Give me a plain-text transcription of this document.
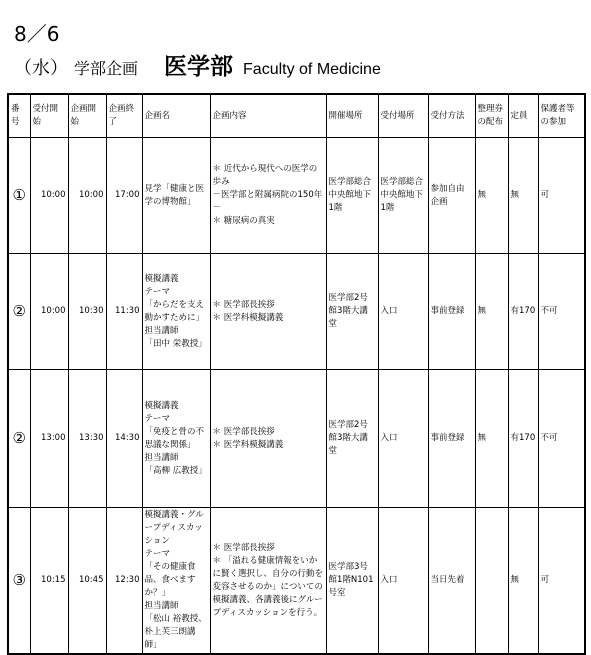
8／6
（水） 学部企画 医学部 Faculty of Medicine
番号	受付開始	企画開始	企画終了	企画名	企画内容	開催場所	受付場所	受付方法	整理券の配布	定員	保護者等の参加
①	10:00	10:00	17:00	見学「健康と医学の博物館」	＊ 近代から現代への医学の歩み
－医学部と附属病院の150年－
＊ 糖尿病の真実	医学部総合中央館地下1階	医学部総合中央館地下1階	参加自由企画	無	無	可
②	10:00	10:30	11:30	模擬講義
テーマ
「からだを支え動かすために」
担当講師
「田中 栄教授」	＊ 医学部長挨拶
＊ 医学科模擬講義	医学部2号館3階大講堂	入口	事前登録	無	有170	不可
②	13:00	13:30	14:30	模擬講義
テーマ
「免疫と骨の不思議な関係」
担当講師
「高柳 広教授」	＊ 医学部長挨拶
＊ 医学科模擬講義	医学部2号館3階大講堂	入口	事前登録	無	有170	不可
③	10:15	10:45	12:30	模擬講義・グループディスカッション
テーマ
「その健康食品、食べますか？」
担当講師
「松山 裕教授、朴上芙三朗講師」	＊ 医学部長挨拶
＊ 「溢れる健康情報をいかに賢く選択し、自分の行動を変容させるのか」についての模擬講義、各講義後にグループディスカッションを行う。	医学部3号館1階N101号室	入口	当日先着		無	可
